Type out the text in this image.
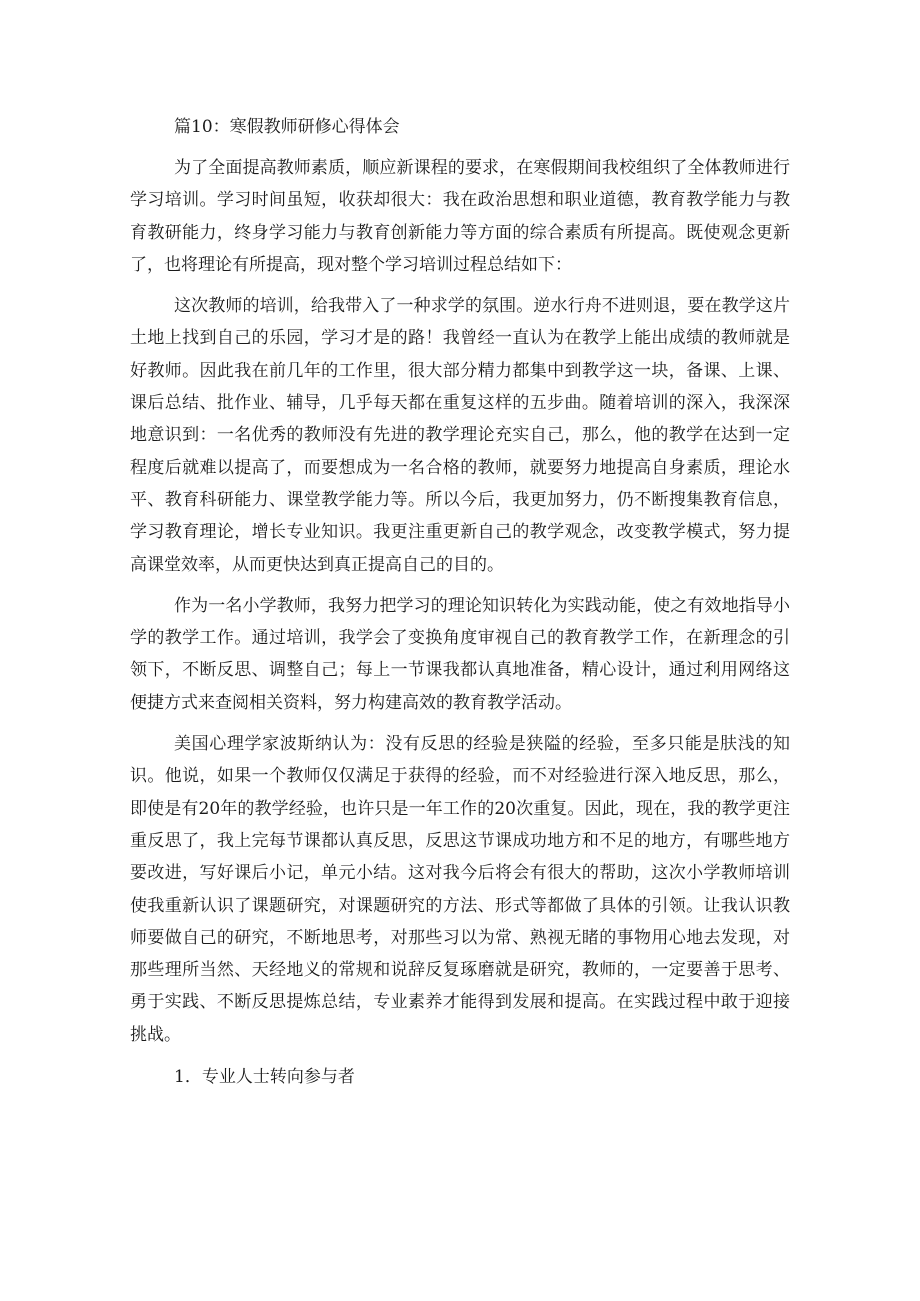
篇10：寒假教师研修心得体会

为了全面提高教师素质，顺应新课程的要求，在寒假期间我校组织了全体教师进行学习培训。学习时间虽短，收获却很大：我在政治思想和职业道德，教育教学能力与教育教研能力，终身学习能力与教育创新能力等方面的综合素质有所提高。既使观念更新了，也将理论有所提高，现对整个学习培训过程总结如下：

这次教师的培训，给我带入了一种求学的氛围。逆水行舟不进则退，要在教学这片土地上找到自己的乐园，学习才是的路！我曾经一直认为在教学上能出成绩的教师就是好教师。因此我在前几年的工作里，很大部分精力都集中到教学这一块，备课、上课、课后总结、批作业、辅导，几乎每天都在重复这样的五步曲。随着培训的深入，我深深地意识到：一名优秀的教师没有先进的教学理论充实自己，那么，他的教学在达到一定程度后就难以提高了，而要想成为一名合格的教师，就要努力地提高自身素质，理论水平、教育科研能力、课堂教学能力等。所以今后，我更加努力，仍不断搜集教育信息，学习教育理论，增长专业知识。我更注重更新自己的教学观念，改变教学模式，努力提高课堂效率，从而更快达到真正提高自己的目的。

作为一名小学教师，我努力把学习的理论知识转化为实践动能，使之有效地指导小学的教学工作。通过培训，我学会了变换角度审视自己的教育教学工作，在新理念的引领下，不断反思、调整自己；每上一节课我都认真地准备，精心设计，通过利用网络这便捷方式来查阅相关资料，努力构建高效的教育教学活动。

美国心理学家波斯纳认为：没有反思的经验是狭隘的经验，至多只能是肤浅的知识。他说，如果一个教师仅仅满足于获得的经验，而不对经验进行深入地反思，那么，即使是有20年的教学经验，也许只是一年工作的20次重复。因此，现在，我的教学更注重反思了，我上完每节课都认真反思，反思这节课成功地方和不足的地方，有哪些地方要改进，写好课后小记，单元小结。这对我今后将会有很大的帮助，这次小学教师培训使我重新认识了课题研究，对课题研究的方法、形式等都做了具体的引领。让我认识教师要做自己的研究，不断地思考，对那些习以为常、熟视无睹的事物用心地去发现，对那些理所当然、天经地义的常规和说辞反复琢磨就是研究，教师的，一定要善于思考、勇于实践、不断反思提炼总结，专业素养才能得到发展和提高。在实践过程中敢于迎接挑战。

1．专业人士转向参与者
